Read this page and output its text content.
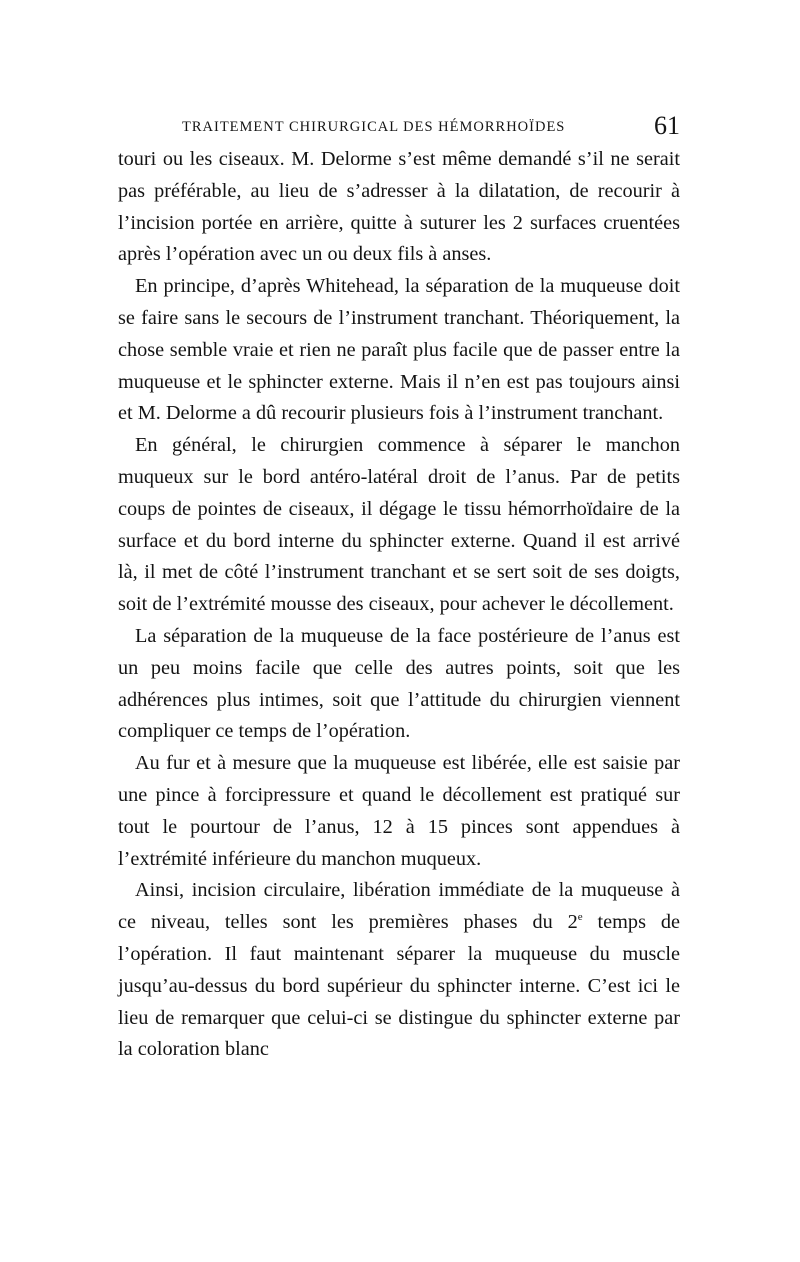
TRAITEMENT CHIRURGICAL DES HÉMORRHOÏDES	61

touri ou les ciseaux. M. Delorme s’est même demandé s’il ne serait pas préférable, au lieu de s’adresser à la dilatation, de recourir à l’incision portée en arrière, quitte à suturer les 2 surfaces cruentées après l’opération avec un ou deux fils à anses.

En principe, d’après Whitehead, la séparation de la muqueuse doit se faire sans le secours de l’instrument tranchant. Théoriquement, la chose semble vraie et rien ne paraît plus facile que de passer entre la muqueuse et le sphincter externe. Mais il n’en est pas toujours ainsi et M. Delorme a dû recourir plusieurs fois à l’instrument tranchant.

En général, le chirurgien commence à séparer le manchon muqueux sur le bord antéro-latéral droit de l’anus. Par de petits coups de pointes de ciseaux, il dégage le tissu hémorrhoïdaire de la surface et du bord interne du sphincter externe. Quand il est arrivé là, il met de côté l’instrument tranchant et se sert soit de ses doigts, soit de l’extrémité mousse des ciseaux, pour achever le décollement.

La séparation de la muqueuse de la face postérieure de l’anus est un peu moins facile que celle des autres points, soit que les adhérences plus intimes, soit que l’attitude du chirurgien viennent compliquer ce temps de l’opération.

Au fur et à mesure que la muqueuse est libérée, elle est saisie par une pince à forcipressure et quand le décollement est pratiqué sur tout le pourtour de l’anus, 12 à 15 pinces sont appendues à l’extrémité inférieure du manchon muqueux.

Ainsi, incision circulaire, libération immédiate de la muqueuse à ce niveau, telles sont les premières phases du 2e temps de l’opération. Il faut maintenant séparer la muqueuse du muscle jusqu’au-dessus du bord supérieur du sphincter interne. C’est ici le lieu de remarquer que celui-ci se distingue du sphincter externe par la coloration blanc
